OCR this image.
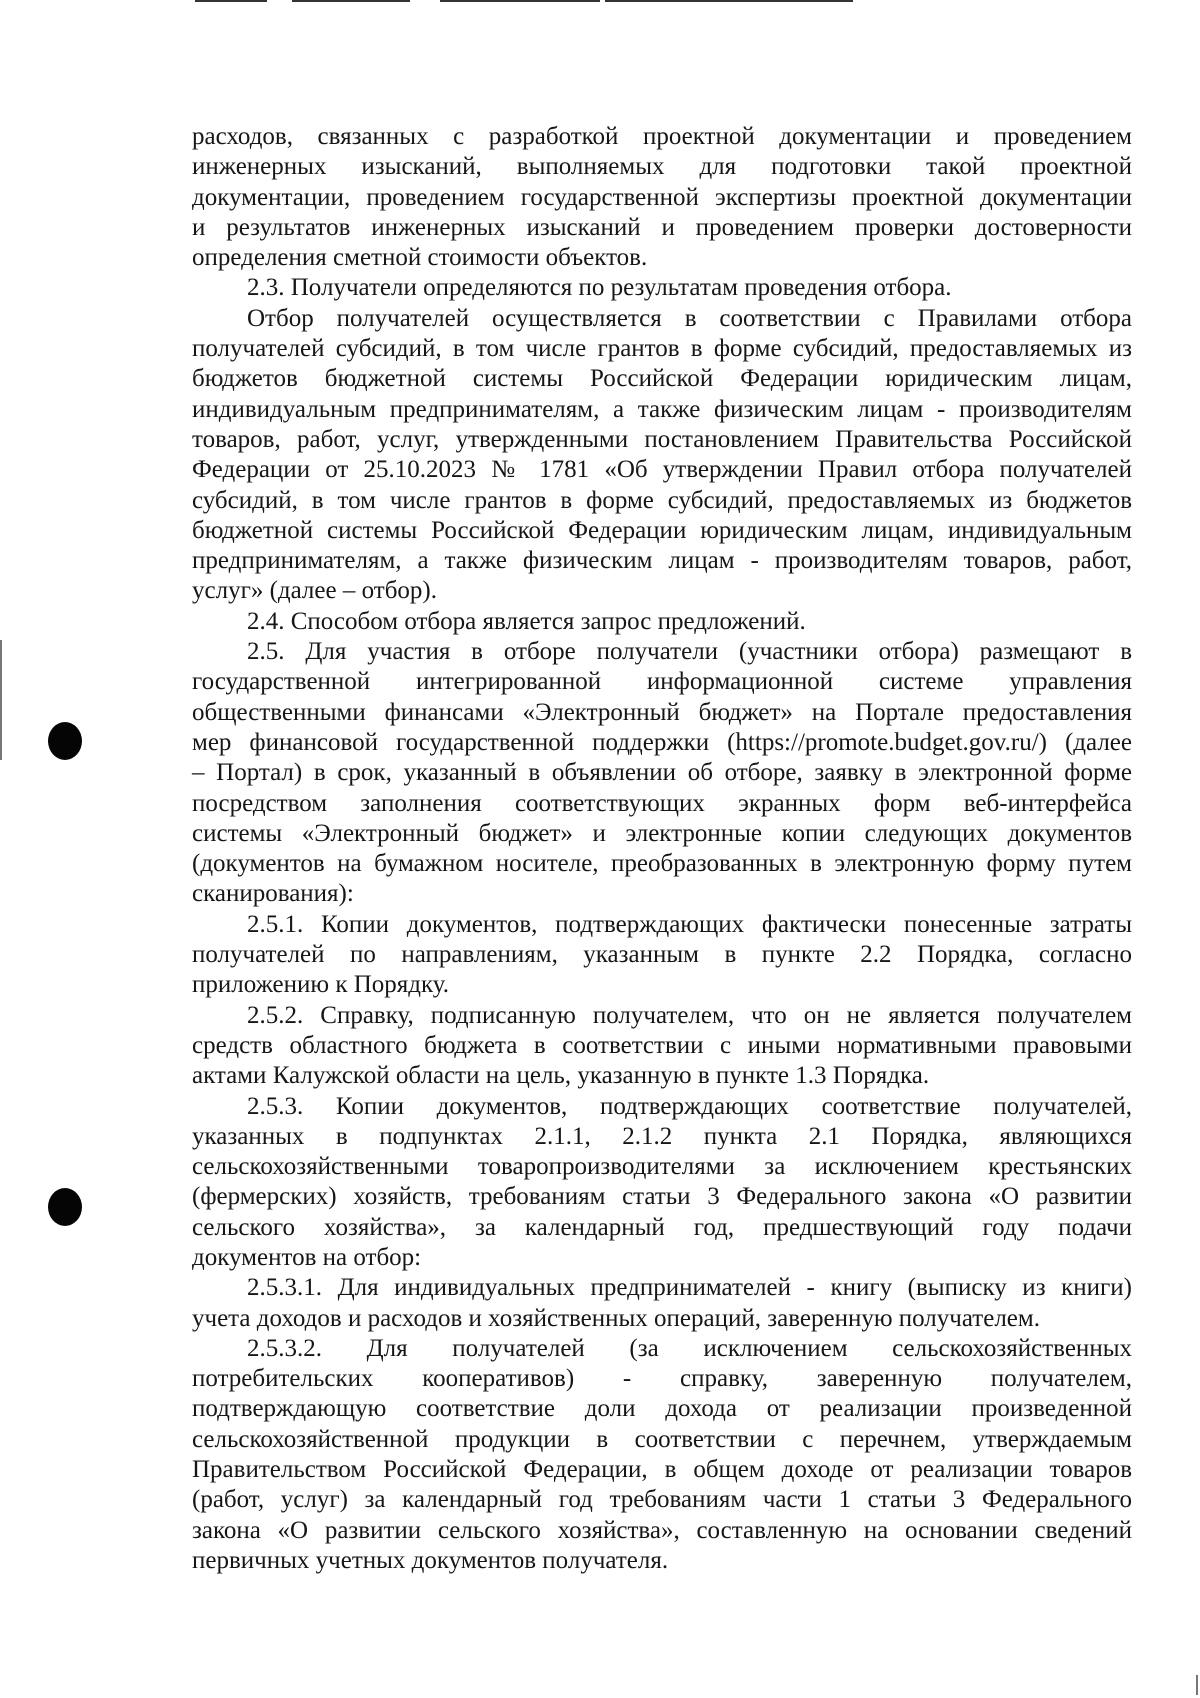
расходов, связанных с разработкой проектной документации и проведением

инженерных изысканий, выполняемых для подготовки такой проектной

документации, проведением государственной экспертизы проектной документации

и результатов инженерных изысканий и проведением проверки достоверности

определения сметной стоимости объектов.

2.3. Получатели определяются по результатам проведения отбора.

Отбор получателей осуществляется в соответствии с Правилами отбора

получателей субсидий, в том числе грантов в форме субсидий, предоставляемых из

бюджетов бюджетной системы Российской Федерации юридическим лицам,

индивидуальным предпринимателям, а также физическим лицам - производителям

товаров, работ, услуг, утвержденными постановлением Правительства Российской

Федерации от 25.10.2023 № 1781 «Об утверждении Правил отбора получателей

субсидий, в том числе грантов в форме субсидий, предоставляемых из бюджетов

бюджетной системы Российской Федерации юридическим лицам, индивидуальным

предпринимателям, а также физическим лицам - производителям товаров, работ,

услуг» (далее – отбор).

2.4. Способом отбора является запрос предложений.

2.5. Для участия в отборе получатели (участники отбора) размещают в

государственной интегрированной информационной системе управления

общественными финансами «Электронный бюджет» на Портале предоставления

мер финансовой государственной поддержки (https://promote.budget.gov.ru/) (далее

– Портал) в срок, указанный в объявлении об отборе, заявку в электронной форме

посредством заполнения соответствующих экранных форм веб-интерфейса

системы «Электронный бюджет» и электронные копии следующих документов

(документов на бумажном носителе, преобразованных в электронную форму путем

сканирования):

2.5.1. Копии документов, подтверждающих фактически понесенные затраты

получателей по направлениям, указанным в пункте 2.2 Порядка, согласно

приложению к Порядку.

2.5.2. Справку, подписанную получателем, что он не является получателем

средств областного бюджета в соответствии с иными нормативными правовыми

актами Калужской области на цель, указанную в пункте 1.3 Порядка.

2.5.3. Копии документов, подтверждающих соответствие получателей,

указанных в подпунктах 2.1.1, 2.1.2 пункта 2.1 Порядка, являющихся

сельскохозяйственными товаропроизводителями за исключением крестьянских

(фермерских) хозяйств, требованиям статьи 3 Федерального закона «О развитии

сельского хозяйства», за календарный год, предшествующий году подачи

документов на отбор:

2.5.3.1. Для индивидуальных предпринимателей - книгу (выписку из книги)

учета доходов и расходов и хозяйственных операций, заверенную получателем.

2.5.3.2. Для получателей (за исключением сельскохозяйственных

потребительских кооперативов) - справку, заверенную получателем,

подтверждающую соответствие доли дохода от реализации произведенной

сельскохозяйственной продукции в соответствии с перечнем, утверждаемым

Правительством Российской Федерации, в общем доходе от реализации товаров

(работ, услуг) за календарный год требованиям части 1 статьи 3 Федерального

закона «О развитии сельского хозяйства», составленную на основании сведений

первичных учетных документов получателя.
